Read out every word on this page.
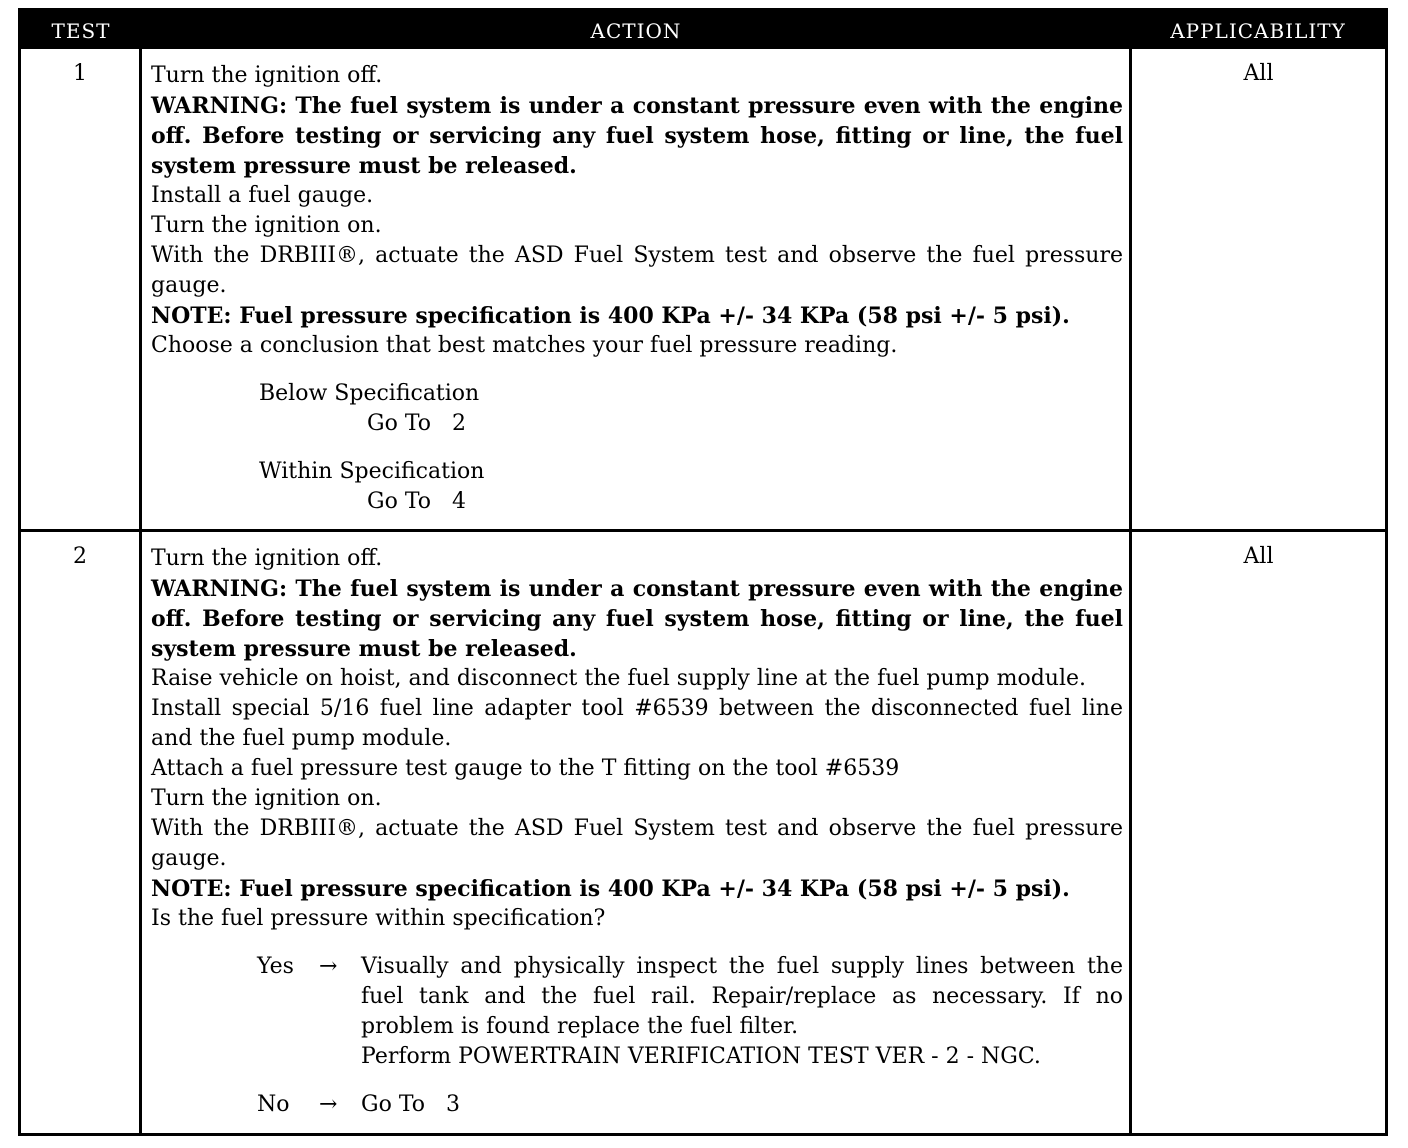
TEST	ACTION	APPLICABILITY
1	Turn the ignition off.

WARNING: The fuel system is under a constant pressure even with the engine off. Before testing or servicing any fuel system hose, fitting or line, the fuel system pressure must be released.

Install a fuel gauge.

Turn the ignition on.

With the DRBIII®, actuate the ASD Fuel System test and observe the fuel pressure gauge.

NOTE: Fuel pressure specification is 400 KPa +/- 34 KPa (58 psi +/- 5 psi).

Choose a conclusion that best matches your fuel pressure reading.

Below Specification
Go To   2
Within Specification
Go To   4
All
2	Turn the ignition off.

WARNING: The fuel system is under a constant pressure even with the engine off. Before testing or servicing any fuel system hose, fitting or line, the fuel system pressure must be released.

Raise vehicle on hoist, and disconnect the fuel supply line at the fuel pump module.

Install special 5/16 fuel line adapter tool #6539 between the disconnected fuel line and the fuel pump module.

Attach a fuel pressure test gauge to the T fitting on the tool #6539

Turn the ignition on.

With the DRBIII®, actuate the ASD Fuel System test and observe the fuel pressure gauge.

NOTE: Fuel pressure specification is 400 KPa +/- 34 KPa (58 psi +/- 5 psi).

Is the fuel pressure within specification?

Yes	→	Visually and physically inspect the fuel supply lines between the fuel tank and the fuel rail. Repair/replace as necessary. If no problem is found replace the fuel filter.
Perform POWERTRAIN VERIFICATION TEST VER - 2 - NGC.
No	→	Go To   3
All
